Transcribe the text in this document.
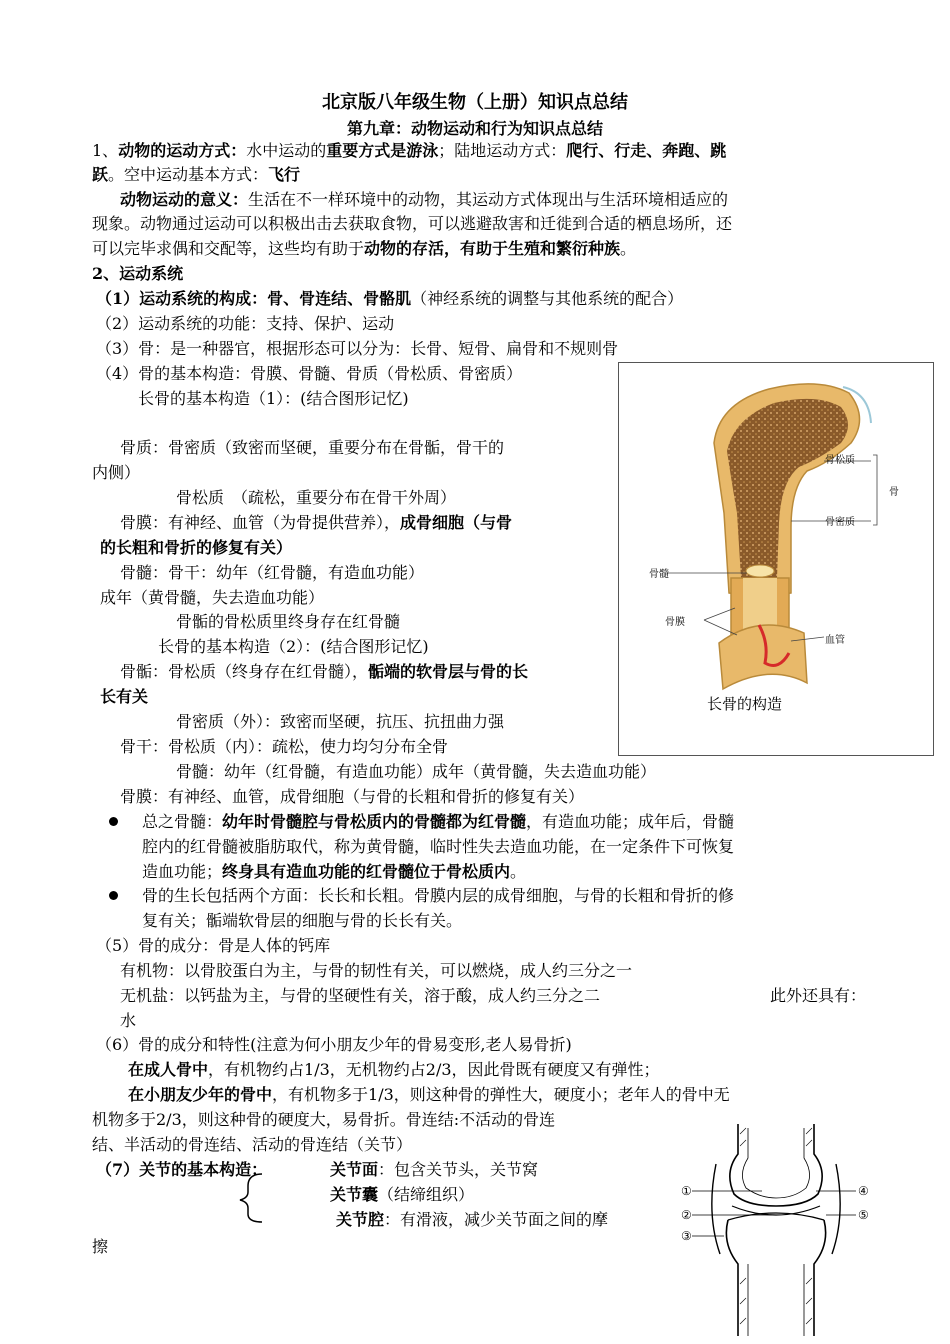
北京版八年级生物（上册）知识点总结
第九章：动物运动和行为知识点总结
1、动物的运动方式：水中运动的重要方式是游泳；陆地运动方式：爬行、行走、奔跑、跳
跃。空中运动基本方式：飞行
动物运动的意义：生活在不一样环境中的动物，其运动方式体现出与生活环境相适应的
现象。动物通过运动可以积极出击去获取食物，可以逃避敌害和迁徙到合适的栖息场所，还
可以完毕求偶和交配等，这些均有助于动物的存活，有助于生殖和繁衍种族。
2、运动系统
（1）运动系统的构成：骨、骨连结、骨骼肌（神经系统的调整与其他系统的配合）
（2）运动系统的功能：支持、保护、运动
（3）骨：是一种器官，根据形态可以分为：长骨、短骨、扁骨和不规则骨
（4）骨的基本构造：骨膜、骨髓、骨质（骨松质、骨密质）
长骨的基本构造（1）：(结合图形记忆)
骨质：骨密质（致密而坚硬，重要分布在骨骺，骨干的
内侧）
骨松质　（疏松，重要分布在骨干外周）
骨膜：有神经、血管（为骨提供营养），成骨细胞（与骨
的长粗和骨折的修复有关）
骨髓：骨干：幼年（红骨髓，有造血功能）
成年（黄骨髓，失去造血功能）
骨骺的骨松质里终身存在红骨髓
长骨的基本构造（2）：(结合图形记忆)
骨骺：骨松质（终身存在红骨髓），骺端的软骨层与骨的长
长有关
骨密质（外）：致密而坚硬，抗压、抗扭曲力强
骨干：骨松质（内）：疏松，使力均匀分布全骨
骨髓：幼年（红骨髓，有造血功能）成年（黄骨髓，失去造血功能）
骨膜：有神经、血管，成骨细胞（与骨的长粗和骨折的修复有关）
总之骨髓：幼年时骨髓腔与骨松质内的骨髓都为红骨髓，有造血功能；成年后，骨髓
腔内的红骨髓被脂肪取代，称为黄骨髓，临时性失去造血功能，在一定条件下可恢复
造血功能；终身具有造血功能的红骨髓位于骨松质内。
骨的生长包括两个方面：长长和长粗。骨膜内层的成骨细胞，与骨的长粗和骨折的修
复有关；骺端软骨层的细胞与骨的长长有关。
（5）骨的成分：骨是人体的钙库
有机物：以骨胶蛋白为主，与骨的韧性有关，可以燃烧，成人约三分之一
无机盐：以钙盐为主，与骨的坚硬性有关，溶于酸，成人约三分之二	此外还具有：
水
（6）骨的成分和特性(注意为何小朋友少年的骨易变形,老人易骨折)
在成人骨中，有机物约占1/3，无机物约占2/3，因此骨既有硬度又有弹性；
在小朋友少年的骨中，有机物多于1/3，则这种骨的弹性大，硬度小；老年人的骨中无
机物多于2/3，则这种骨的硬度大，易骨折。骨连结:不活动的骨连
结、半活动的骨连结、活动的骨连结（关节）
（7）关节的基本构造：	关节面：包含关节头，关节窝
关节囊（结缔组织）
关节腔：有滑液，减少关节面之间的摩
擦
骨松质
骨
骨密质
骨髓
骨膜
血管
长骨的构造
①
②
③
④
⑤
